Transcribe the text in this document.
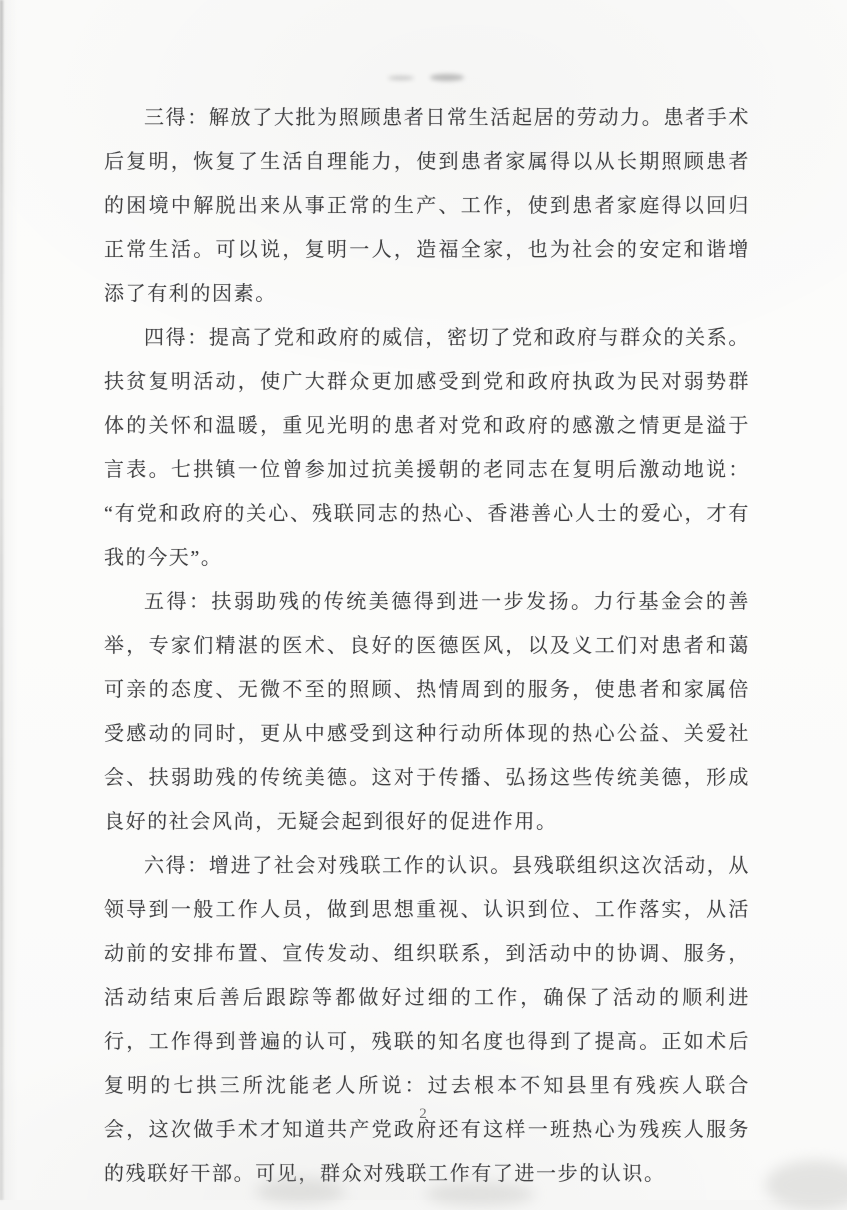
三得：解放了大批为照顾患者日常生活起居的劳动力。患者手术后复明，恢复了生活自理能力，使到患者家属得以从长期照顾患者的困境中解脱出来从事正常的生产、工作，使到患者家庭得以回归正常生活。可以说，复明一人，造福全家，也为社会的安定和谐增添了有利的因素。

四得：提高了党和政府的威信，密切了党和政府与群众的关系。扶贫复明活动，使广大群众更加感受到党和政府执政为民对弱势群体的关怀和温暖，重见光明的患者对党和政府的感激之情更是溢于言表。七拱镇一位曾参加过抗美援朝的老同志在复明后激动地说：“有党和政府的关心、残联同志的热心、香港善心人士的爱心，才有我的今天”。

五得：扶弱助残的传统美德得到进一步发扬。力行基金会的善举，专家们精湛的医术、良好的医德医风，以及义工们对患者和蔼可亲的态度、无微不至的照顾、热情周到的服务，使患者和家属倍受感动的同时，更从中感受到这种行动所体现的热心公益、关爱社会、扶弱助残的传统美德。这对于传播、弘扬这些传统美德，形成良好的社会风尚，无疑会起到很好的促进作用。

六得：增进了社会对残联工作的认识。县残联组织这次活动，从领导到一般工作人员，做到思想重视、认识到位、工作落实，从活动前的安排布置、宣传发动、组织联系，到活动中的协调、服务，活动结束后善后跟踪等都做好过细的工作，确保了活动的顺利进行，工作得到普遍的认可，残联的知名度也得到了提高。正如术后复明的七拱三所沈能老人所说：过去根本不知县里有残疾人联合会，这次做手术才知道共产党政府还有这样一班热心为残疾人服务的残联好干部。可见，群众对残联工作有了进一步的认识。

2
